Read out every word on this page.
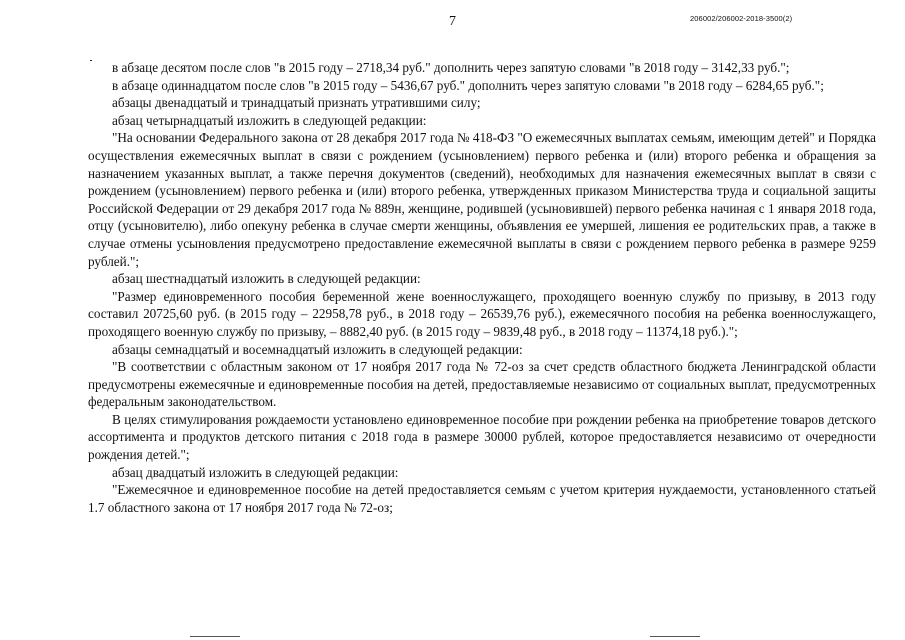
7	206002/206002-2018-3500(2)

в абзаце десятом после слов "в 2015 году – 2718,34 руб." дополнить через запятую словами "в 2018 году – 3142,33 руб.";

в абзаце одиннадцатом после слов "в 2015 году – 5436,67 руб." дополнить через запятую словами "в 2018 году – 6284,65 руб.";

абзацы двенадцатый и тринадцатый признать утратившими силу;

абзац четырнадцатый изложить в следующей редакции:

"На основании Федерального закона от 28 декабря 2017 года № 418-ФЗ "О ежемесячных выплатах семьям, имеющим детей" и Порядка осуществления ежемесячных выплат в связи с рождением (усыновлением) первого ребенка и (или) второго ребенка и обращения за назначением указанных выплат, а также перечня документов (сведений), необходимых для назначения ежемесячных выплат в связи с рождением (усыновлением) первого ребенка и (или) второго ребенка, утвержденных приказом Министерства труда и социальной защиты Российской Федерации от 29 декабря 2017 года № 889н, женщине, родившей (усыновившей) первого ребенка начиная с 1 января 2018 года, отцу (усыновителю), либо опекуну ребенка в случае смерти женщины, объявления ее умершей, лишения ее родительских прав, а также в случае отмены усыновления предусмотрено предоставление ежемесячной выплаты в связи с рождением первого ребенка в размере 9259 рублей.";

абзац шестнадцатый изложить в следующей редакции:

"Размер единовременного пособия беременной жене военнослужащего, проходящего военную службу по призыву, в 2013 году составил 20725,60 руб. (в 2015 году – 22958,78 руб., в 2018 году – 26539,76 руб.), ежемесячного пособия на ребенка военнослужащего, проходящего военную службу по призыву, – 8882,40 руб. (в 2015 году – 9839,48 руб., в 2018 году – 11374,18 руб.).";

абзацы семнадцатый и восемнадцатый изложить в следующей редакции:

"В соответствии с областным законом от 17 ноября 2017 года № 72-оз за счет средств областного бюджета Ленинградской области предусмотрены ежемесячные и единовременные пособия на детей, предоставляемые независимо от социальных выплат, предусмотренных федеральным законодательством.

В целях стимулирования рождаемости установлено единовременное пособие при рождении ребенка на приобретение товаров детского ассортимента и продуктов детского питания с 2018 года в размере 30000 рублей, которое предоставляется независимо от очередности рождения детей.";

абзац двадцатый изложить в следующей редакции:

"Ежемесячное и единовременное пособие на детей предоставляется семьям с учетом критерия нуждаемости, установленного статьей 1.7 областного закона от 17 ноября 2017 года № 72-оз;
